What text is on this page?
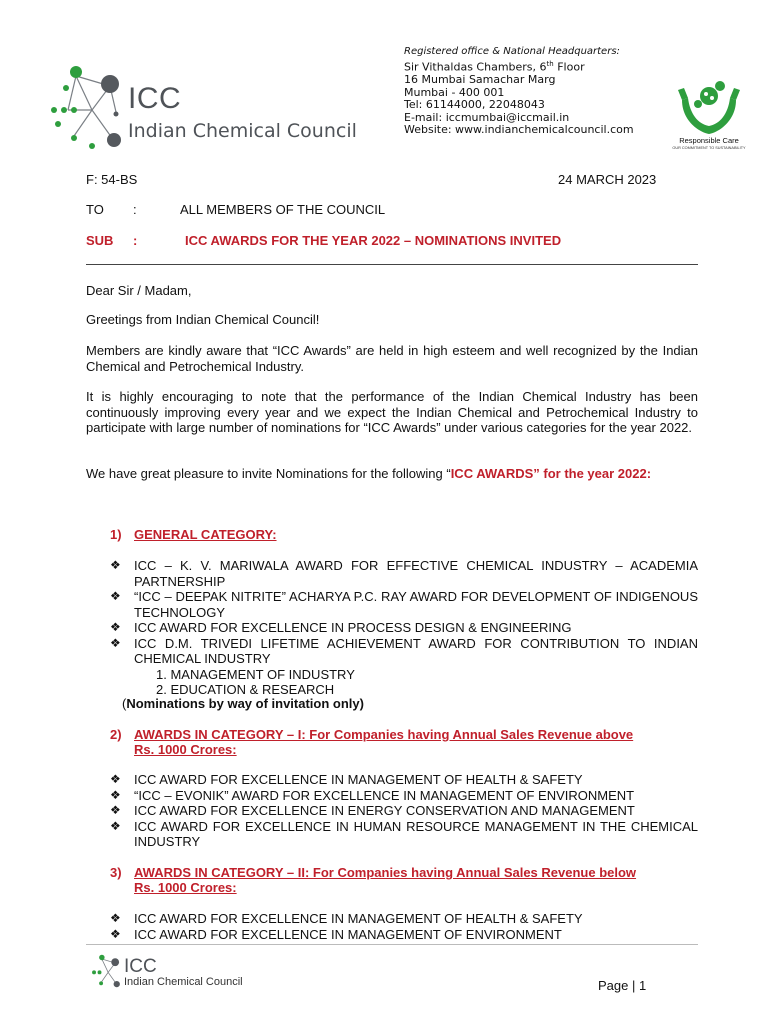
ICC
Indian Chemical Council
Registered office & National Headquarters:
Sir Vithaldas Chambers, 6th Floor
16 Mumbai Samachar Marg
Mumbai - 400 001
Tel: 61144000, 22048043
E-mail: iccmumbai@iccmail.in
Website: www.indianchemicalcouncil.com
Responsible Care
OUR COMMITMENT TO SUSTAINABILITY
F: 54-BS	24 MARCH 2023
TO :	ALL MEMBERS OF THE COUNCIL
SUB :	ICC AWARDS FOR THE YEAR 2022 – NOMINATIONS INVITED
Dear Sir / Madam,
Greetings from Indian Chemical Council!
Members are kindly aware that “ICC Awards” are held in high esteem and well recognized by the Indian Chemical and Petrochemical Industry.
It is highly encouraging to note that the performance of the Indian Chemical Industry has been continuously improving every year and we expect the Indian Chemical and Petrochemical Industry to participate with large number of nominations for “ICC Awards” under various categories for the year 2022.
We have great pleasure to invite Nominations for the following “ICC AWARDS” for the year 2022:
1) GENERAL CATEGORY:
❖ ICC – K. V. MARIWALA AWARD FOR EFFECTIVE CHEMICAL INDUSTRY – ACADEMIA PARTNERSHIP
❖ “ICC – DEEPAK NITRITE” ACHARYA P.C. RAY AWARD FOR DEVELOPMENT OF INDIGENOUS TECHNOLOGY
❖ ICC AWARD FOR EXCELLENCE IN PROCESS DESIGN & ENGINEERING
❖ ICC D.M. TRIVEDI LIFETIME ACHIEVEMENT AWARD FOR CONTRIBUTION TO INDIAN CHEMICAL INDUSTRY
1. MANAGEMENT OF INDUSTRY
2. EDUCATION & RESEARCH
(Nominations by way of invitation only)
2) AWARDS IN CATEGORY – I: For Companies having Annual Sales Revenue above
Rs. 1000 Crores:
❖ ICC AWARD FOR EXCELLENCE IN MANAGEMENT OF HEALTH & SAFETY
❖ “ICC – EVONIK” AWARD FOR EXCELLENCE IN MANAGEMENT OF ENVIRONMENT
❖ ICC AWARD FOR EXCELLENCE IN ENERGY CONSERVATION AND MANAGEMENT
❖ ICC AWARD FOR EXCELLENCE IN HUMAN RESOURCE MANAGEMENT IN THE CHEMICAL INDUSTRY
3) AWARDS IN CATEGORY – II: For Companies having Annual Sales Revenue below
Rs. 1000 Crores:
❖ ICC AWARD FOR EXCELLENCE IN MANAGEMENT OF HEALTH & SAFETY
❖ ICC AWARD FOR EXCELLENCE IN MANAGEMENT OF ENVIRONMENT
ICC
Indian Chemical Council	Page | 1
